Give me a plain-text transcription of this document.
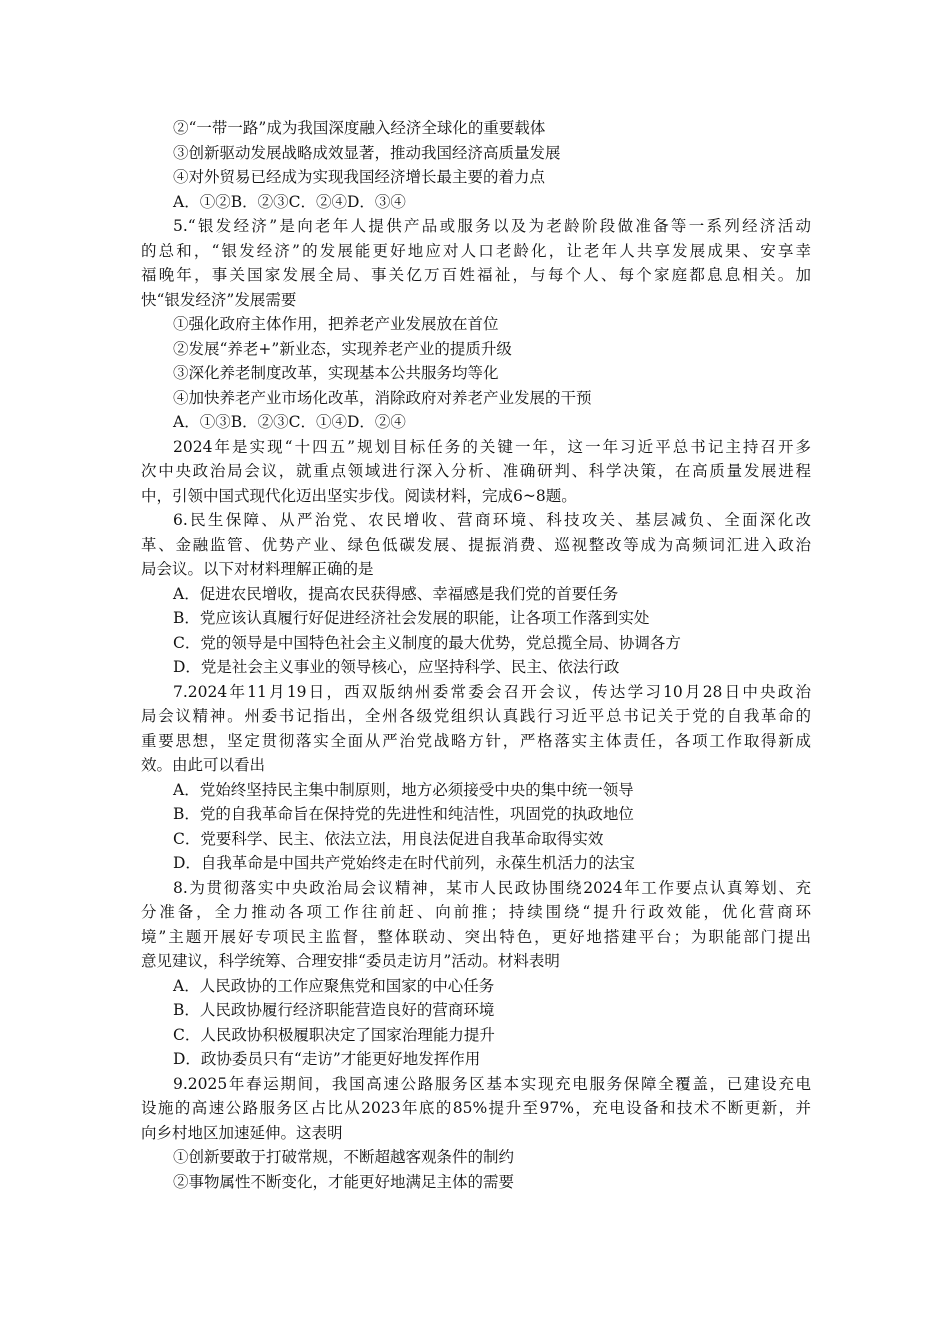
②“一带一路”成为我国深度融入经济全球化的重要载体
③创新驱动发展战略成效显著，推动我国经济高质量发展
④对外贸易已经成为实现我国经济增长最主要的着力点
A．①②B．②③C．②④D．③④
5.“银发经济”是向老年人提供产品或服务以及为老龄阶段做准备等一系列经济活动
的总和，“银发经济”的发展能更好地应对人口老龄化，让老年人共享发展成果、安享幸
福晚年，事关国家发展全局、事关亿万百姓福祉，与每个人、每个家庭都息息相关。加
快“银发经济”发展需要
①强化政府主体作用，把养老产业发展放在首位
②发展“养老+”新业态，实现养老产业的提质升级
③深化养老制度改革，实现基本公共服务均等化
④加快养老产业市场化改革，消除政府对养老产业发展的干预
A．①③B．②③C．①④D．②④
2024年是实现“十四五”规划目标任务的关键一年，这一年习近平总书记主持召开多
次中央政治局会议，就重点领域进行深入分析、准确研判、科学决策，在高质量发展进程
中，引领中国式现代化迈出坚实步伐。阅读材料，完成6~8题。
6.民生保障、从严治党、农民增收、营商环境、科技攻关、基层减负、全面深化改
革、金融监管、优势产业、绿色低碳发展、提振消费、巡视整改等成为高频词汇进入政治
局会议。以下对材料理解正确的是
A．促进农民增收，提高农民获得感、幸福感是我们党的首要任务
B．党应该认真履行好促进经济社会发展的职能，让各项工作落到实处
C．党的领导是中国特色社会主义制度的最大优势，党总揽全局、协调各方
D．党是社会主义事业的领导核心，应坚持科学、民主、依法行政
7.2024年11月19日，西双版纳州委常委会召开会议，传达学习10月28日中央政治
局会议精神。州委书记指出，全州各级党组织认真践行习近平总书记关于党的自我革命的
重要思想，坚定贯彻落实全面从严治党战略方针，严格落实主体责任，各项工作取得新成
效。由此可以看出
A．党始终坚持民主集中制原则，地方必须接受中央的集中统一领导
B．党的自我革命旨在保持党的先进性和纯洁性，巩固党的执政地位
C．党要科学、民主、依法立法，用良法促进自我革命取得实效
D．自我革命是中国共产党始终走在时代前列，永葆生机活力的法宝
8.为贯彻落实中央政治局会议精神，某市人民政协围绕2024年工作要点认真筹划、充
分准备，全力推动各项工作往前赶、向前推；持续围绕“提升行政效能，优化营商环
境”主题开展好专项民主监督，整体联动、突出特色，更好地搭建平台；为职能部门提出
意见建议，科学统筹、合理安排“委员走访月”活动。材料表明
A．人民政协的工作应聚焦党和国家的中心任务
B．人民政协履行经济职能营造良好的营商环境
C．人民政协积极履职决定了国家治理能力提升
D．政协委员只有“走访”才能更好地发挥作用
9.2025年春运期间，我国高速公路服务区基本实现充电服务保障全覆盖，已建设充电
设施的高速公路服务区占比从2023年底的85%提升至97%，充电设备和技术不断更新，并
向乡村地区加速延伸。这表明
①创新要敢于打破常规，不断超越客观条件的制约
②事物属性不断变化，才能更好地满足主体的需要
